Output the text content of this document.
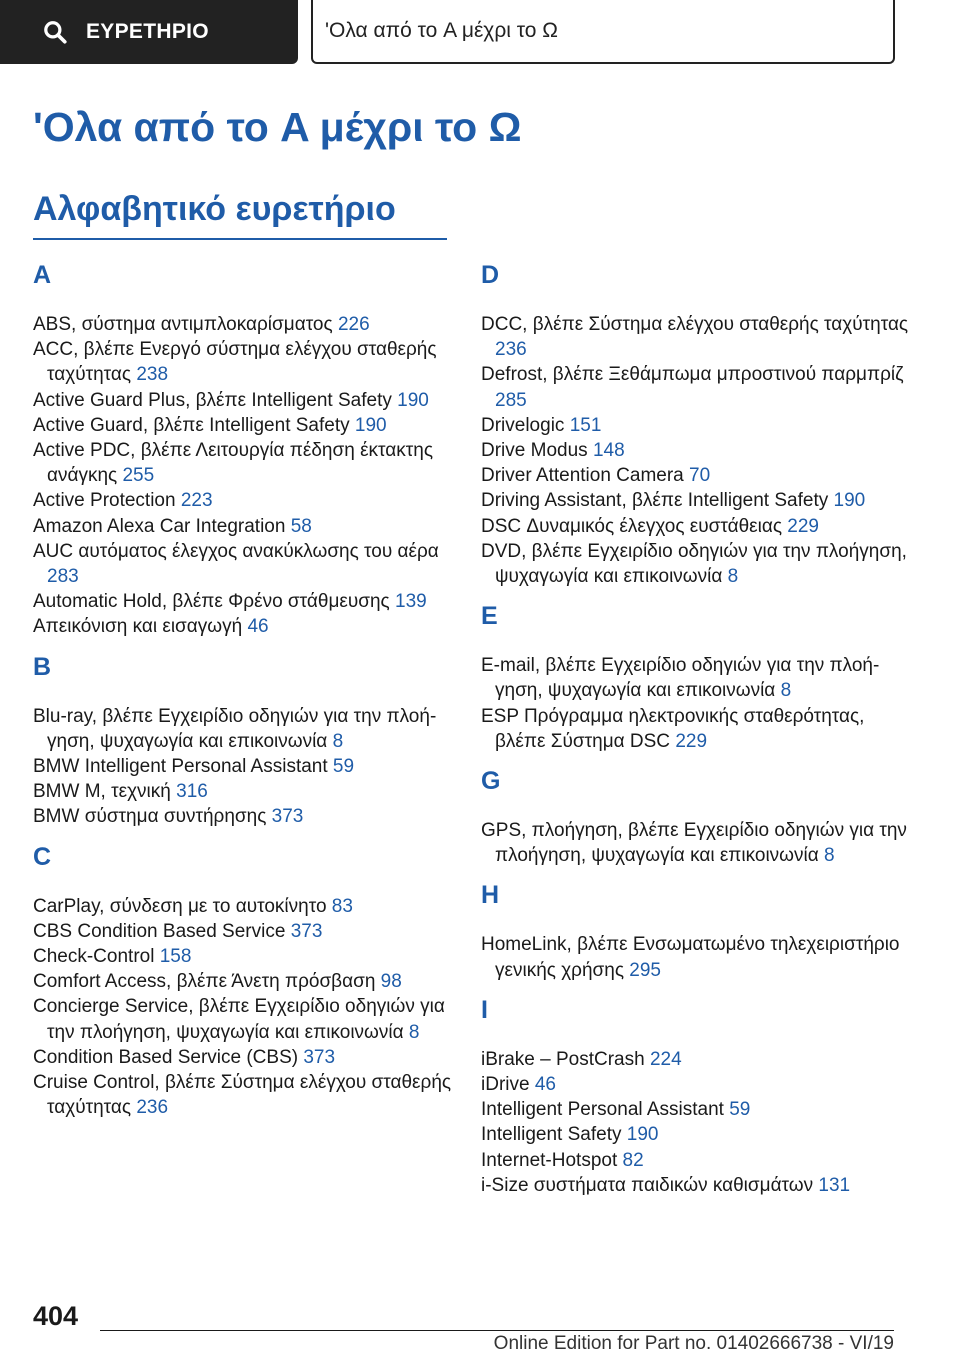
ΕΥΡΕΤΗΡΙΟ	'Ολα από το A μέχρι το Ω
'Ολα από το A μέχρι το Ω
Αλφαβητικό ευρετήριο
A

ABS, σύστημα αντιμπλοκαρίσματος 226

ACC, βλέπε Ενεργό σύστημα ελέγχου σταθερής ταχύτητας 238

Active Guard Plus, βλέπε Intelligent Safety 190

Active Guard, βλέπε Intelligent Safety 190

Active PDC, βλέπε Λειτουργία πέδηση έκτακτης ανάγκης 255

Active Protection 223

Amazon Alexa Car Integration 58

AUC αυτόματος έλεγχος ανακύκλωσης του αέρα 283

Automatic Hold, βλέπε Φρένο στάθμευσης 139

Απεικόνιση και εισαγωγή 46

B

Blu-ray, βλέπε Εγχειρίδιο οδηγιών για την πλοήγηση, ψυχαγωγία και επικοινωνία 8

BMW Intelligent Personal Assistant 59

BMW M, τεχνική 316

BMW σύστημα συντήρησης 373

C

CarPlay, σύνδεση με το αυτοκίνητο 83

CBS Condition Based Service 373

Check-Control 158

Comfort Access, βλέπε Άνετη πρόσβαση 98

Concierge Service, βλέπε Εγχειρίδιο οδηγιών για την πλοήγηση, ψυχαγωγία και επικοινωνία 8

Condition Based Service (CBS) 373

Cruise Control, βλέπε Σύστημα ελέγχου σταθερής ταχύτητας 236

D

DCC, βλέπε Σύστημα ελέγχου σταθερής ταχύτητας 236

Defrost, βλέπε Ξεθάμπωμα μπροστινού παρμπρίζ 285

Drivelogic 151

Drive Modus 148

Driver Attention Camera 70

Driving Assistant, βλέπε Intelligent Safety 190

DSC Δυναμικός έλεγχος ευστάθειας 229

DVD, βλέπε Εγχειρίδιο οδηγιών για την πλοήγηση, ψυχαγωγία και επικοινωνία 8

E

E-mail, βλέπε Εγχειρίδιο οδηγιών για την πλοήγηση, ψυχαγωγία και επικοινωνία 8

ESP Πρόγραμμα ηλεκτρονικής σταθερότητας, βλέπε Σύστημα DSC 229

G

GPS, πλοήγηση, βλέπε Εγχειρίδιο οδηγιών για την πλοήγηση, ψυχαγωγία και επικοινωνία 8

H

HomeLink, βλέπε Ενσωματωμένο τηλεχειριστήριο γενικής χρήσης 295

I

iBrake – PostCrash 224

iDrive 46

Intelligent Personal Assistant 59

Intelligent Safety 190

Internet-Hotspot 82

i-Size συστήματα παιδικών καθισμάτων 131

404
Online Edition for Part no. 01402666738 - VI/19
